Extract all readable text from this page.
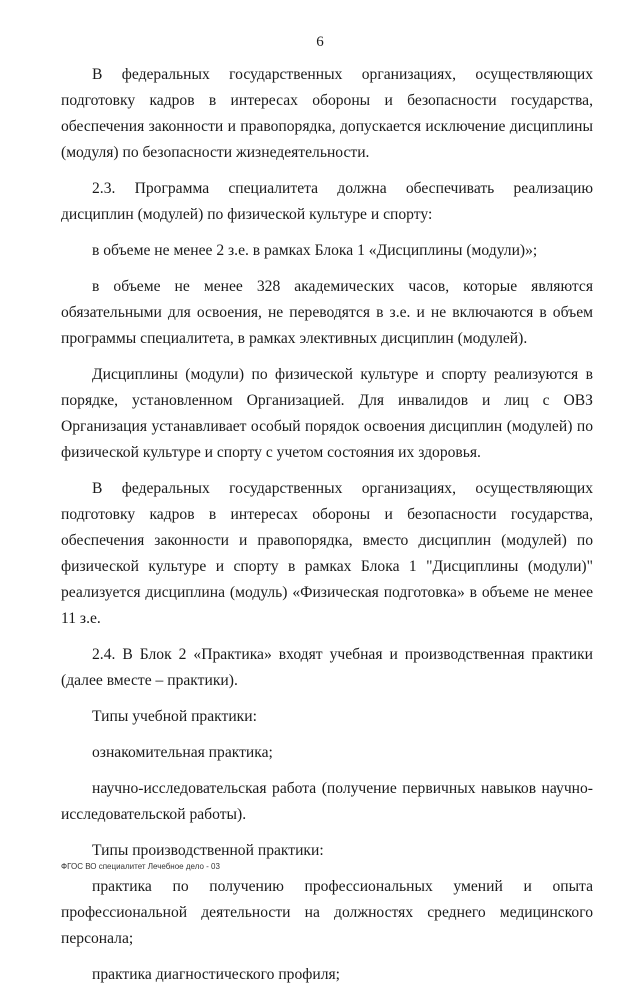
6

В федеральных государственных организациях, осуществляющих подготовку кадров в интересах обороны и безопасности государства, обеспечения законности и правопорядка, допускается исключение дисциплины (модуля) по безопасности жизнедеятельности.

2.3. Программа специалитета должна обеспечивать реализацию дисциплин (модулей) по физической культуре и спорту:

в объеме не менее 2 з.е. в рамках Блока 1 «Дисциплины (модули)»;

в объеме не менее 328 академических часов, которые являются обязательными для освоения, не переводятся в з.е. и не включаются в объем программы специалитета, в рамках элективных дисциплин (модулей).

Дисциплины (модули) по физической культуре и спорту реализуются в порядке, установленном Организацией. Для инвалидов и лиц с ОВЗ Организация устанавливает особый порядок освоения дисциплин (модулей) по физической культуре и спорту с учетом состояния их здоровья.

В федеральных государственных организациях, осуществляющих подготовку кадров в интересах обороны и безопасности государства, обеспечения законности и правопорядка, вместо дисциплин (модулей) по физической культуре и спорту в рамках Блока 1 "Дисциплины (модули)" реализуется дисциплина (модуль) «Физическая подготовка» в объеме не менее 11 з.е.

2.4. В Блок 2 «Практика» входят учебная и производственная практики (далее вместе – практики).

Типы учебной практики:

ознакомительная практика;

научно-исследовательская работа (получение первичных навыков научно-исследовательской работы).

Типы производственной практики:

практика по получению профессиональных умений и опыта профессиональной деятельности на должностях среднего медицинского персонала;

практика диагностического профиля;

ФГОС ВО специалитет Лечебное дело - 03
